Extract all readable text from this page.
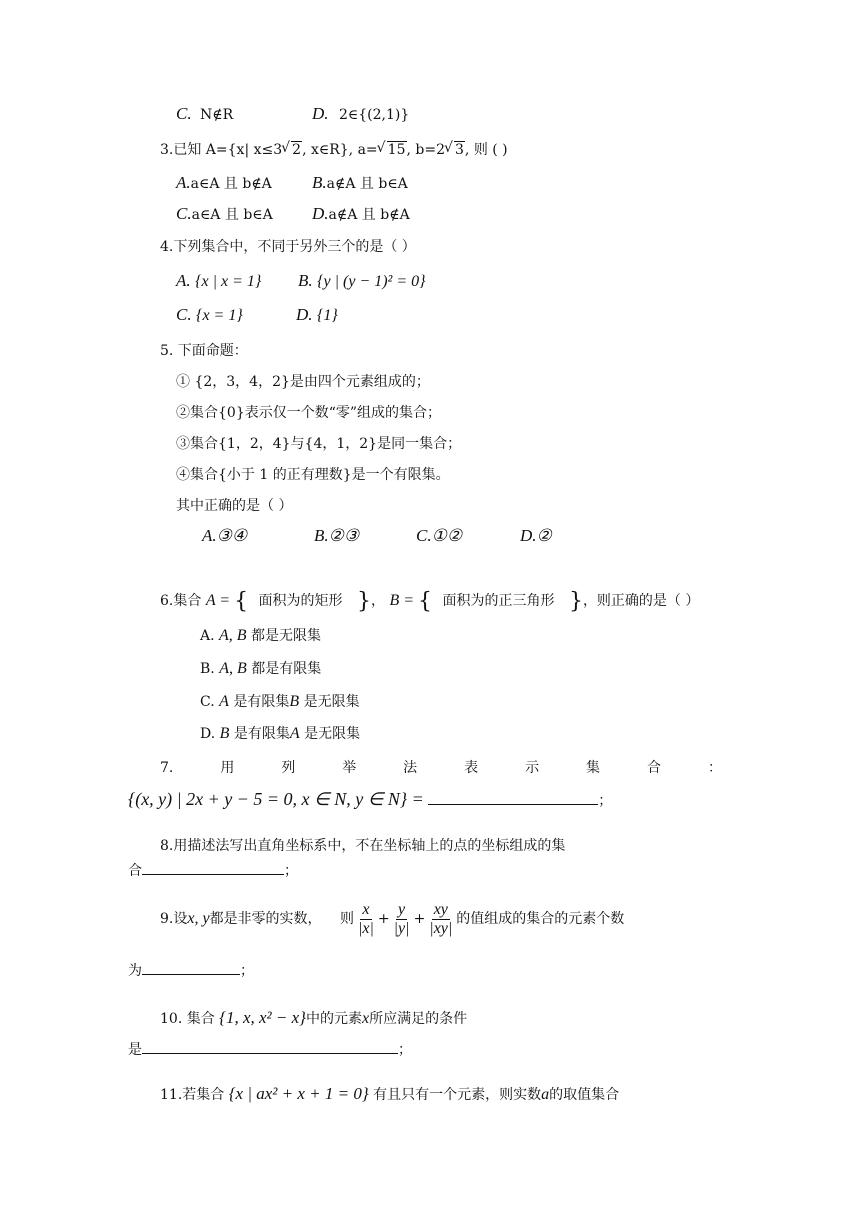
C. N∉R	D. 2∈{(2,1)}
3.已知 A={x| x≤3 √ 2, x∈R}, a= √ 15, b=2 √ 3, 则 ( )
A.a∈A 且 b∉A B.a∉A 且 b∈A
C.a∈A 且 b∈A D.a∉A 且 b∉A
4.下列集合中，不同于另外三个的是（ ）
A. {x | x = 1} B. {y | (y − 1)² = 0}
C. {x = 1}	D. {1}
5. 下面命题：
① {2，3，4，2}是由四个元素组成的；
②集合{0}表示仅一个数“零”组成的集合；
③集合{1，2，4}与{4，1，2}是同一集合；
④集合{小于 1 的正有理数}是一个有限集。
其中正确的是（ ）
A.③④	B.②③	C.①②	D.②
6.集合 A = { 面积为的矩形 }， B = { 面积为的正三角形 }，则正确的是（ ）
A. A, B 都是无限集
B. A, B 都是有限集
C. A 是有限集B 是无限集
D. B 是有限集A 是无限集
7.	用	列	举	法	表	示	集	合	：
{(x, y) | 2x + y − 5 = 0, x ∈ N, y ∈ N} =	；
8.用描述法写出直角坐标系中，不在坐标轴上的点的坐标组成的集
合	；
9.设x, y都是非零的实数， 则 $\frac{x}{|x|} + \frac{y}{|y|} + \frac{xy}{|xy|}$ 的值组成的集合的元素个数
为	；
10. 集合 {1, x, x² − x}中的元素x所应满足的条件
是	；
11.若集合 {x | ax² + x + 1 = 0} 有且只有一个元素，则实数a的取值集合
